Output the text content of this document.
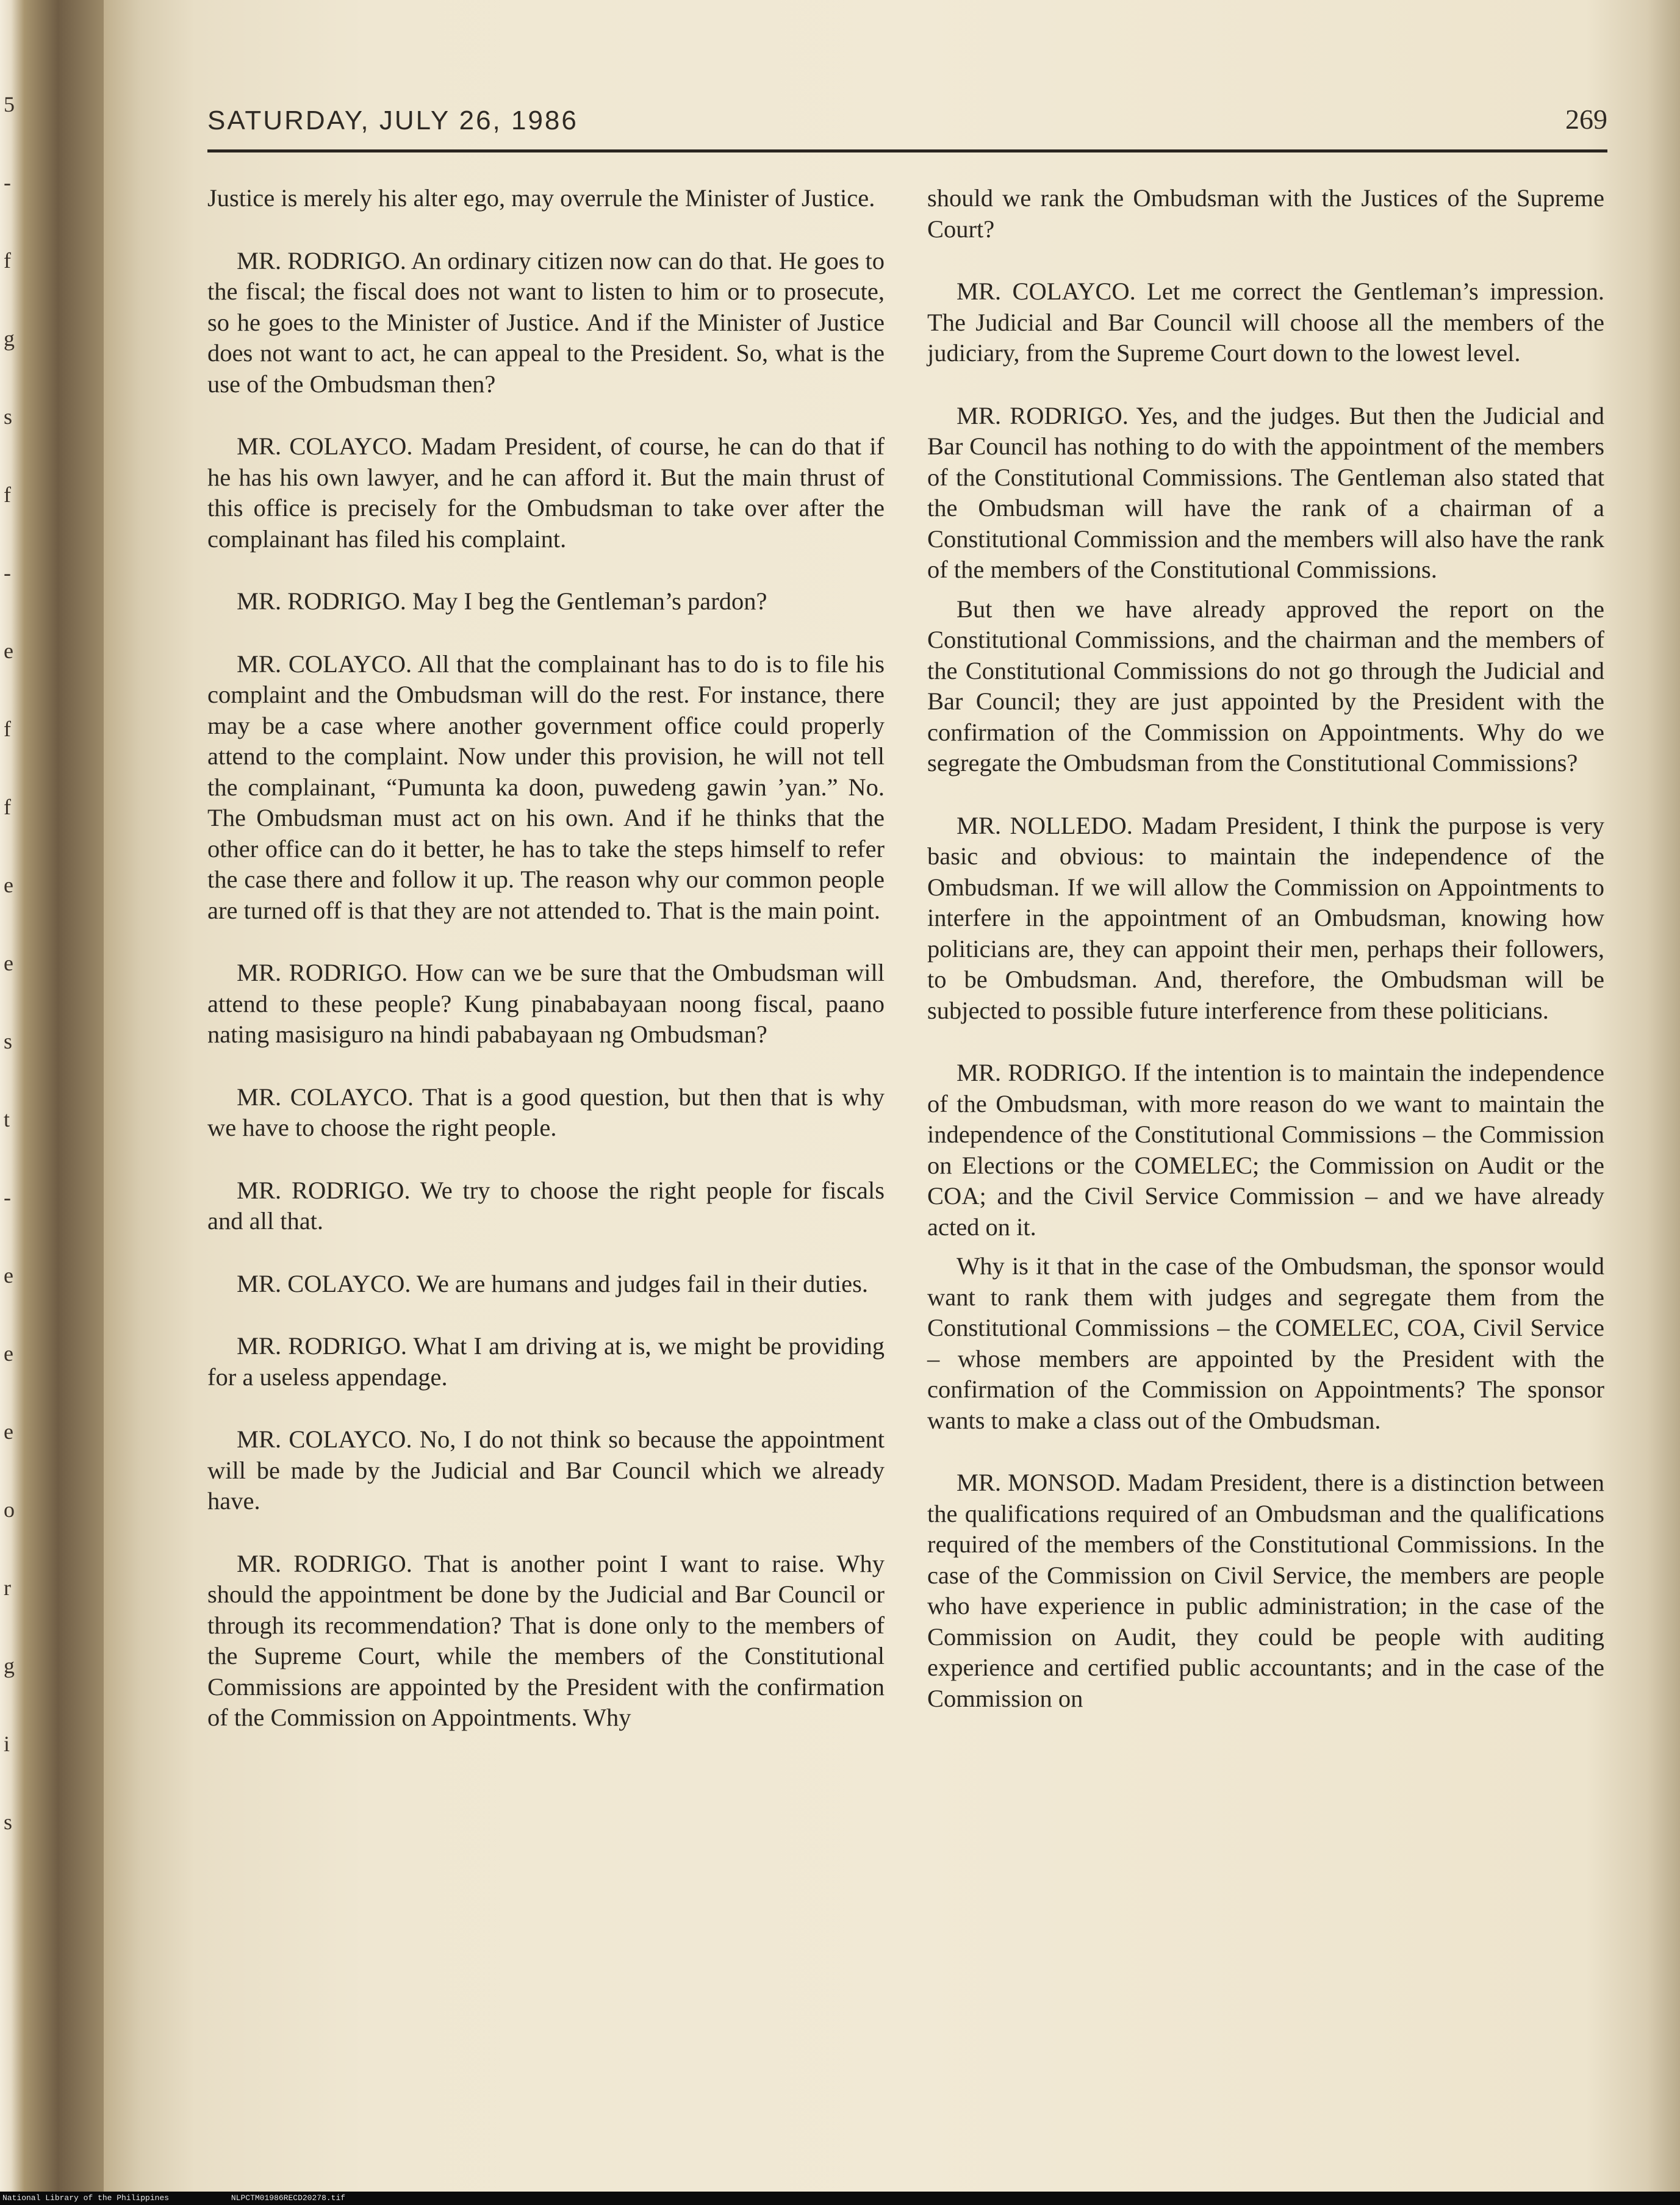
5
-
f
g
s
f
-
e
f
f
e
e
s
t
-
e
e
e
o
r
g
i
s
SATURDAY, JULY 26, 1986	269

Justice is merely his alter ego, may overrule the Minister of Justice.

MR. RODRIGO. An ordinary citizen now can do that. He goes to the fiscal; the fiscal does not want to listen to him or to prosecute, so he goes to the Minister of Justice. And if the Minister of Justice does not want to act, he can appeal to the President. So, what is the use of the Ombudsman then?

MR. COLAYCO. Madam President, of course, he can do that if he has his own lawyer, and he can afford it. But the main thrust of this office is precisely for the Ombudsman to take over after the complainant has filed his complaint.

MR. RODRIGO. May I beg the Gentleman’s pardon?

MR. COLAYCO. All that the complainant has to do is to file his complaint and the Ombudsman will do the rest. For instance, there may be a case where another government office could properly attend to the complaint. Now under this provision, he will not tell the complainant, “Pumunta ka doon, puwedeng gawin ’yan.” No. The Ombudsman must act on his own. And if he thinks that the other office can do it better, he has to take the steps himself to refer the case there and follow it up. The reason why our common people are turned off is that they are not attended to. That is the main point.

MR. RODRIGO. How can we be sure that the Ombudsman will attend to these people? Kung pinababayaan noong fiscal, paano nating masisiguro na hindi pababayaan ng Ombudsman?

MR. COLAYCO. That is a good question, but then that is why we have to choose the right people.

MR. RODRIGO. We try to choose the right people for fiscals and all that.

MR. COLAYCO. We are humans and judges fail in their duties.

MR. RODRIGO. What I am driving at is, we might be providing for a useless appendage.

MR. COLAYCO. No, I do not think so because the appointment will be made by the Judicial and Bar Council which we already have.

MR. RODRIGO. That is another point I want to raise. Why should the appointment be done by the Judicial and Bar Council or through its recommendation? That is done only to the members of the Supreme Court, while the members of the Constitutional Commissions are appointed by the President with the confirmation of the Commission on Appointments. Why

should we rank the Ombudsman with the Justices of the Supreme Court?

MR. COLAYCO. Let me correct the Gentleman’s impression. The Judicial and Bar Council will choose all the members of the judiciary, from the Supreme Court down to the lowest level.

MR. RODRIGO. Yes, and the judges. But then the Judicial and Bar Council has nothing to do with the appointment of the members of the Constitutional Commissions. The Gentleman also stated that the Ombudsman will have the rank of a chairman of a Constitutional Commission and the members will also have the rank of the members of the Constitutional Commissions.

But then we have already approved the report on the Constitutional Commissions, and the chairman and the members of the Constitutional Commissions do not go through the Judicial and Bar Council; they are just appointed by the President with the confirmation of the Commission on Appointments. Why do we segregate the Ombudsman from the Constitutional Commissions?

MR. NOLLEDO. Madam President, I think the purpose is very basic and obvious: to maintain the independence of the Ombudsman. If we will allow the Commission on Appointments to interfere in the appointment of an Ombudsman, knowing how politicians are, they can appoint their men, perhaps their followers, to be Ombudsman. And, therefore, the Ombudsman will be subjected to possible future interference from these politicians.

MR. RODRIGO. If the intention is to maintain the independence of the Ombudsman, with more reason do we want to maintain the independence of the Constitutional Commissions – the Commission on Elections or the COMELEC; the Commission on Audit or the COA; and the Civil Service Commission – and we have already acted on it.

Why is it that in the case of the Ombudsman, the sponsor would want to rank them with judges and segregate them from the Constitutional Commissions – the COMELEC, COA, Civil Service – whose members are appointed by the President with the confirmation of the Commission on Appointments? The sponsor wants to make a class out of the Ombudsman.

MR. MONSOD. Madam President, there is a distinction between the qualifications required of an Ombudsman and the qualifications required of the members of the Constitutional Commissions. In the case of the Commission on Civil Service, the members are people who have experience in public administration; in the case of the Commission on Audit, they could be people with auditing experience and certified public accountants; and in the case of the Commission on

National Library of the Philippines	NLPCTM01986RECD20278.tif
